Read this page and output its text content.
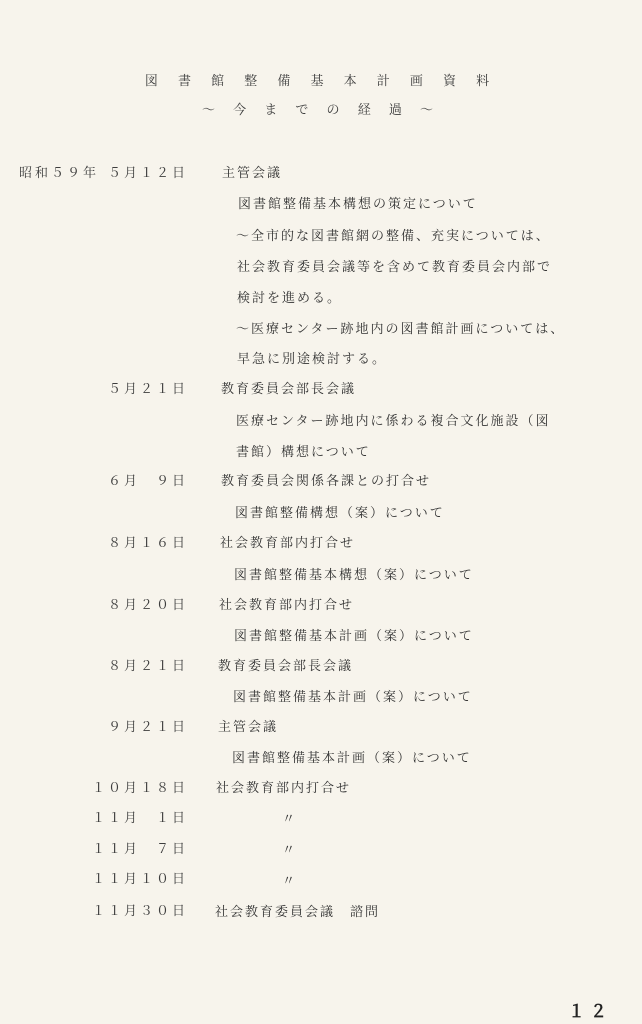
図 書 館 整 備 基 本 計 画 資 料
〜 今 ま で の 経 過 〜
昭和５９年 ５月１２日	主管会議
図書館整備基本構想の策定について
〜全市的な図書館網の整備、充実については、
社会教育委員会議等を含めて教育委員会内部で
検討を進める。
〜医療センター跡地内の図書館計画については、
早急に別途検討する。
５月２１日	教育委員会部長会議
医療センター跡地内に係わる複合文化施設（図
書館）構想について
６月　９日	教育委員会関係各課との打合せ
図書館整備構想（案）について
８月１６日 社会教育部内打合せ
図書館整備基本構想（案）について
８月２０日 社会教育部内打合せ
図書館整備基本計画（案）について
８月２１日 教育委員会部長会議
図書館整備基本計画（案）について
９月２１日 主管会議
図書館整備基本計画（案）について
１０月１８日 社会教育部内打合せ
１１月　１日	〃
１１月　７日	〃
１１月１０日	〃
１１月３０日 社会教育委員会議　諮問
１２
